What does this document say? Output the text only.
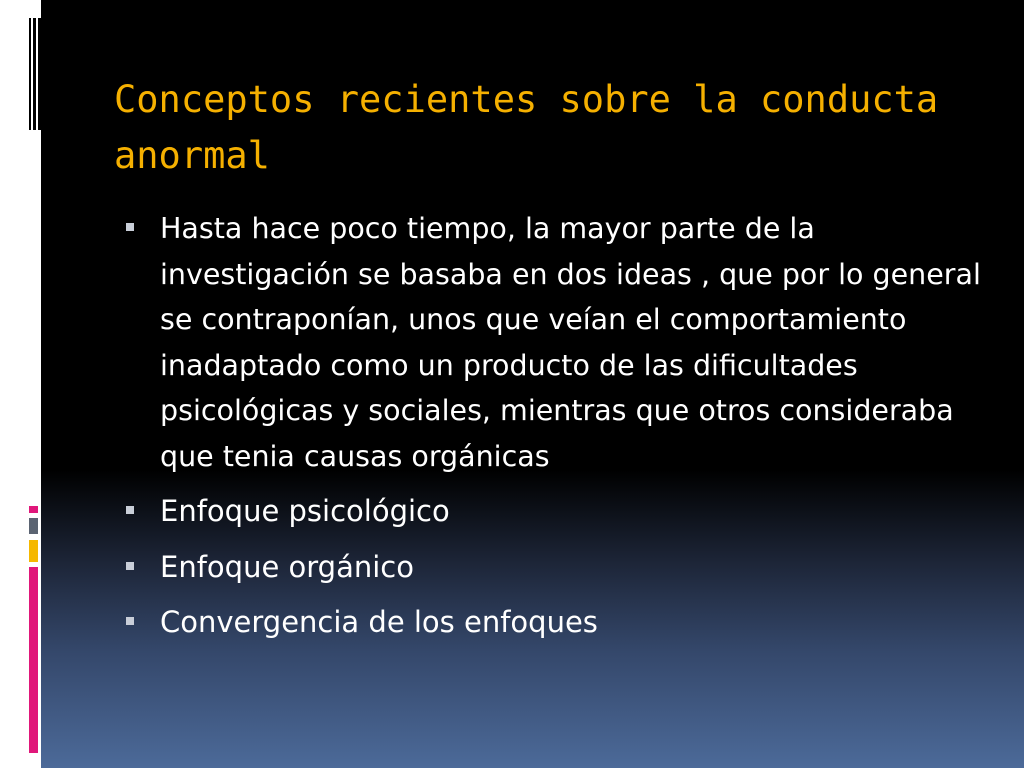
Conceptos recientes sobre la conducta anormal
Hasta hace poco tiempo, la mayor parte de la investigación se basaba en dos ideas , que por lo general se contraponían, unos que veían el comportamiento inadaptado como un producto de las dificultades psicológicas y sociales, mientras que otros consideraba que tenia causas orgánicas
Enfoque psicológico
Enfoque orgánico
Convergencia de los enfoques
